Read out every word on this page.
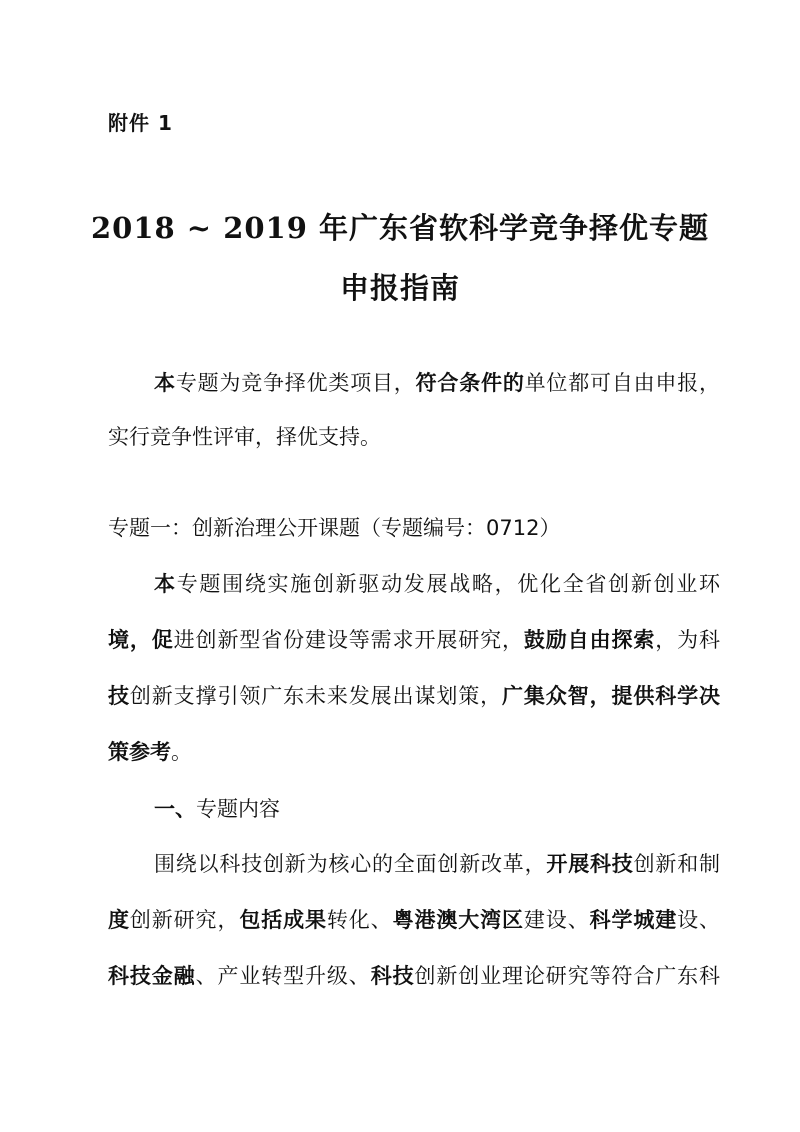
附件 1
2018 ~ 2019 年广东省软科学竞争择优专题
申报指南
本专题为竞争择优类项目，符合条件的单位都可自由申报，
实行竞争性评审，择优支持。
专题一：创新治理公开课题（专题编号：0712）
本专题围绕实施创新驱动发展战略，优化全省创新创业环
境，促进创新型省份建设等需求开展研究，鼓励自由探索，为科
技创新支撑引领广东未来发展出谋划策，广集众智，提供科学决
策参考。
一、专题内容
围绕以科技创新为核心的全面创新改革，开展科技创新和制
度创新研究，包括成果转化、粤港澳大湾区建设、科学城建设、
科技金融、产业转型升级、科技创新创业理论研究等符合广东科
